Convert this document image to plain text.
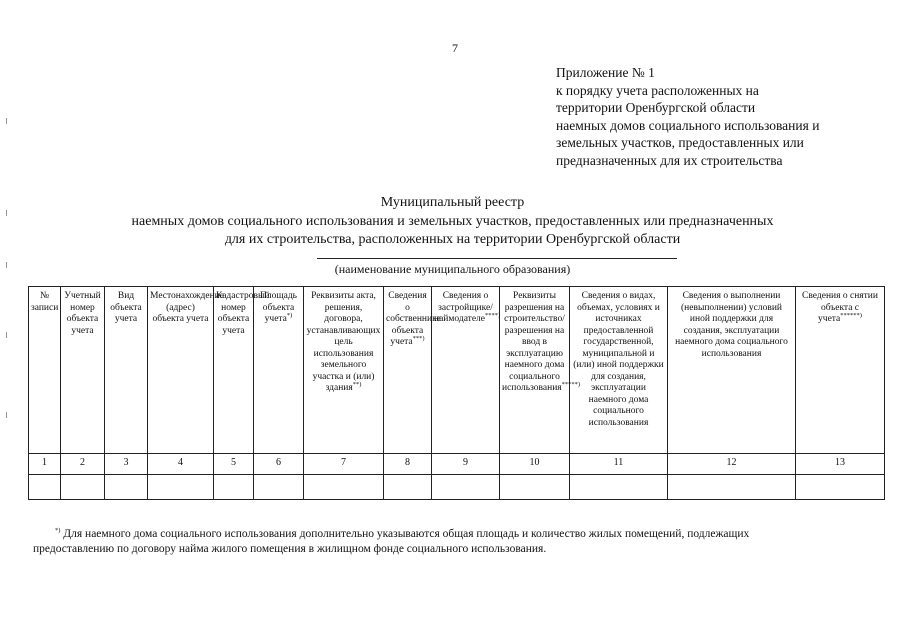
7
Приложение № 1
к порядку учета расположенных на
территории Оренбургской области
наемных домов социального использования и
земельных участков, предоставленных или
предназначенных для их строительства
Муниципальный реестр
наемных домов социального использования и земельных участков, предоставленных или предназначенных
для их строительства, расположенных на территории Оренбургской области
(наименование муниципального образования)
№ записи	Учетный номер объекта учета	Вид объекта учета	Местонахождение (адрес) объекта учета	Кадастровый номер объекта учета	Площадь объекта учета*)	Реквизиты акта, решения, договора, устанавливающих цель использования земельного участка и (или) здания**)	Сведения о собственнике объекта учета***)	Сведения о застройщике/наймодателе****)	Реквизиты разрешения на строительство/разрешения на ввод в эксплуатацию наемного дома социального использования*****)	Сведения о видах, объемах, условиях и источниках предоставленной государственной, муниципальной и (или) иной поддержки для создания, эксплуатации наемного дома социального использования	Сведения о выполнении (невыполнении) условий иной поддержки для создания, эксплуатации наемного дома социального использования	Сведения о снятии объекта с учета******)
1	2	3	4	5	6	7	8	9	10	11	12	13

*) Для наемного дома социального использования дополнительно указываются общая площадь и количество жилых помещений, подлежащих
предоставлению по договору найма жилого помещения в жилищном фонде социального использования.
